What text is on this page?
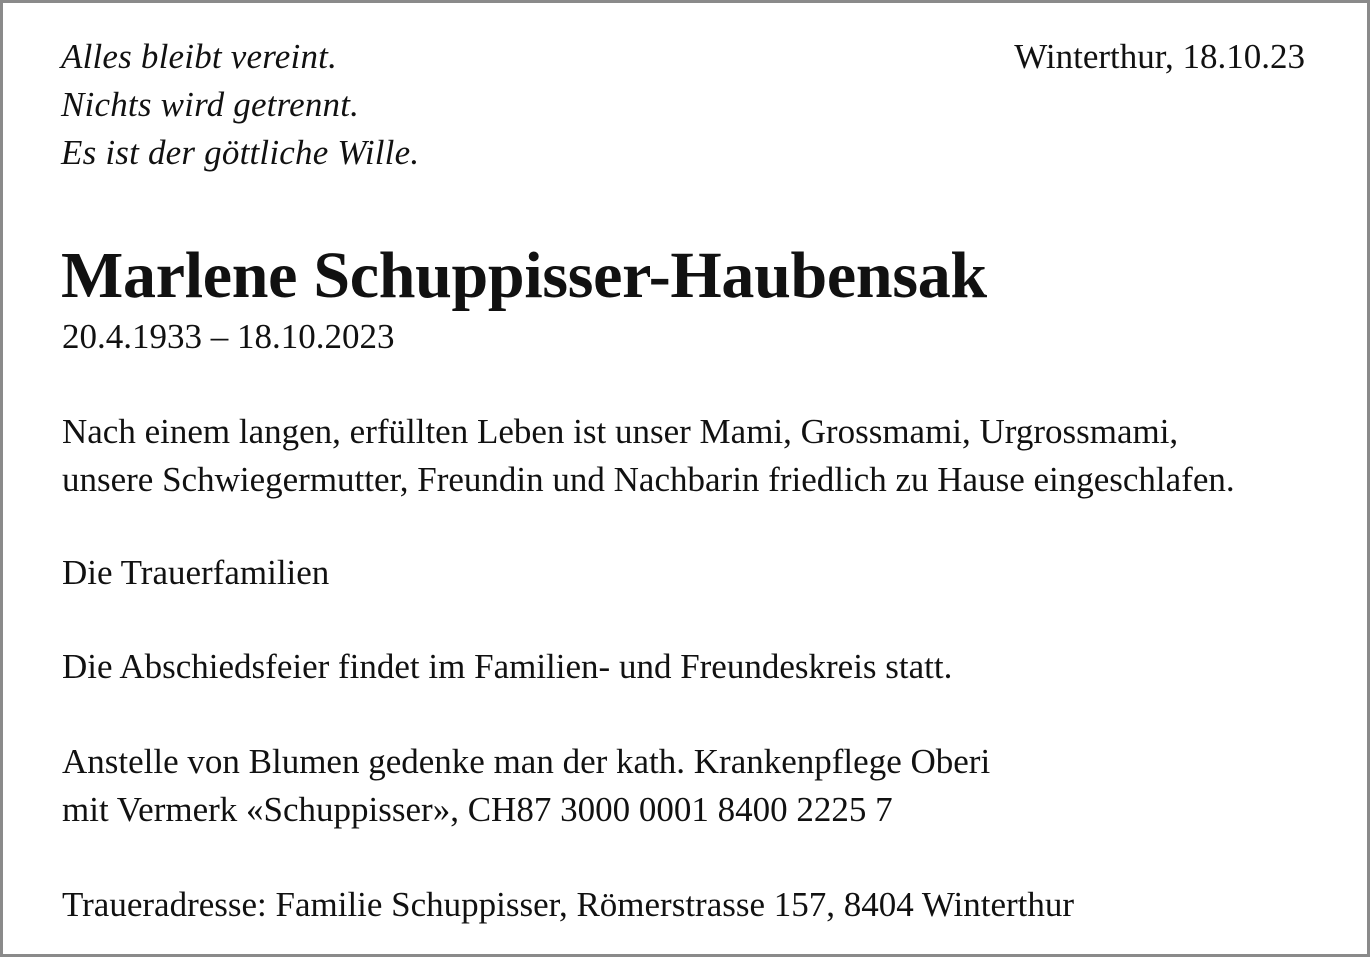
Alles bleibt vereint.
Nichts wird getrennt.
Es ist der göttliche Wille.
Winterthur, 18.10.23
Marlene Schuppisser-Haubensak
20.4.1933 – 18.10.2023
Nach einem langen, erfüllten Leben ist unser Mami, Grossmami, Urgrossmami,
unsere Schwiegermutter, Freundin und Nachbarin friedlich zu Hause eingeschlafen.
Die Trauerfamilien
Die Abschiedsfeier findet im Familien- und Freundeskreis statt.
Anstelle von Blumen gedenke man der kath. Krankenpflege Oberi
mit Vermerk «Schuppisser», CH87 3000 0001 8400 2225 7
Traueradresse: Familie Schuppisser, Römerstrasse 157, 8404 Winterthur
